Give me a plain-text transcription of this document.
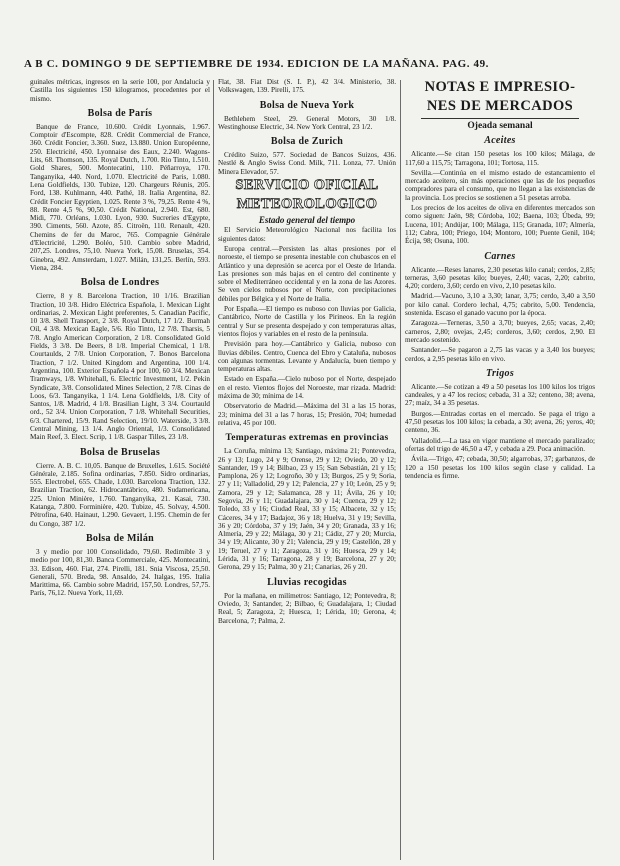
A B C. DOMINGO 9 DE SEPTIEMBRE DE 1934. EDICION DE LA MAÑANA. PAG. 49.

guinales métricas, ingresos en la serie 100, por Andalucía y Castilla los siguientes 150 kilogramos, procedentes por el mismo.

Bolsa de París

Banque de France, 10.600. Crédit Lyonnais, 1.967. Comptoir d'Escompte, 828. Crédit Commercial de France, 360. Crédit Foncier, 3.360. Suez, 13.880. Union Européenne, 250. Electricité, 450. Lyonnaise des Eaux, 2.240. Wagons-Lits, 68. Thomson, 135. Royal Dutch, 1.700. Rio Tinto, 1.510. Gold Shares, 500. Montecatini, 110. Péñarroya, 170. Tanganyika, 440. Nord, 1.070. Electricité de Paris, 1.080. Lena Goldfields, 130. Tubize, 120. Chargeurs Réunis, 205. Ford, 138. Kuhlmann, 440. Pathé, 18. Italia Argentina, 82. Crédit Foncier Egyptien, 1.025. Rente 3 %, 79,25. Rente 4 %, 88. Rente 4,5 %, 90,50. Crédit National, 2.940. Est, 680. Midi, 770. Orléans, 1.030. Lyon, 930. Sucreries d'Egypte, 390. Ciments, 560. Azote, 85. Citroën, 110. Renault, 420. Chemins de fer du Maroc, 765. Compagnie Générale d'Electricité, 1.290. Boléo, 510. Cambio sobre Madrid, 207,25. Londres, 75,10. Nueva York, 15,08. Bruselas, 354. Ginebra, 492. Amsterdam, 1.027. Milán, 131,25. Berlín, 593. Viena, 284.

Bolsa de Londres

Cierre, 8 y 8. Barcelona Traction, 10 1/16. Brazilian Traction, 10 3/8. Hidro Eléctrica Española, 1. Mexican Light ordinarias, 2. Mexican Light preferentes, 5. Canadian Pacific, 10 3/8. Shell Transport, 2 3/8. Royal Dutch, 17 1/2. Burmah Oil, 4 3/8. Mexican Eagle, 5/6. Rio Tinto, 12 7/8. Tharsis, 5 7/8. Anglo American Corporation, 2 1/8. Consolidated Gold Fields, 3 3/8. De Beers, 8 1/8. Imperial Chemical, 1 1/8. Courtaulds, 2 7/8. Union Corporation, 7. Bonos Barcelona Traction, 7 1/2. United Kingdom and Argentina, 100 1/4. Argentina, 100. Exterior Española 4 por 100, 60 3/4. Mexican Tramways, 1/8. Whitehall, 6. Electric Investment, 1/2. Pekin Syndicate, 3/8. Consolidated Mines Selection, 2 7/8. Cinas de Loos, 6/3. Tanganyika, 1 1/4. Lena Goldfields, 1/8. City of Santos, 1/8. Madrid, 4 1/8. Brasilian Light, 3 3/4. Courtauld ord., 52 3/4. Union Corporation, 7 1/8. Whitehall Securities, 6/3. Chartered, 15/9. Rand Selection, 19/10. Waterside, 3 3/8. Central Mining, 13 1/4. Anglo Oriental, 1/3. Consolidated Main Reef, 3. Elect. Scrip, 1 1/8. Gaspar Tilles, 23 1/8.

Bolsa de Bruselas

Cierre. A. B. C. 10,05. Banque de Bruxelles, 1.615. Société Générale, 2.185. Sofina ordinarias, 7.850. Sidro ordinarias, 555. Electrobel, 655. Chade, 1.030. Barcelona Traction, 132. Brazilian Traction, 62. Hidrocantábrico, 480. Sudamericana, 225. Union Minière, 1.760. Tanganyika, 21. Kasai, 730. Katanga, 7.800. Forminière, 420. Tubize, 45. Solvay, 4.500. Pétrofina, 640. Hainaut, 1.290. Gevaert, 1.195. Chemin de fer du Congo, 387 1/2.

Bolsa de Milán

3 y medio por 100 Consolidado, 79,60. Redimible 3 y medio por 100, 81,30. Banca Commerciale, 425. Montecatini, 33. Edison, 460. Fiat, 274. Pirelli, 181. Snia Viscosa, 25,50. Generali, 570. Breda, 98. Ansaldo, 24. Italgas, 195. Italia Marittima, 66. Cambio sobre Madrid, 157,50. Londres, 57,75. París, 76,12. Nueva York, 11,69.

Flat, 38. Fiat Dist (S. I. P.), 42 3/4. Ministerio, 38. Volkswagen, 139. Pirelli, 175.

Bolsa de Nueva York

Bethlehem Steel, 29. General Motors, 30 1/8. Westinghouse Electric, 34. New York Central, 23 1/2.

Bolsa de Zurich

Crédito Suizo, 577. Sociedad de Bancos Suizos, 436. Nestlé & Anglo Swiss Cond. Milk, 711. Lonza, 77. Unión Minera Elevador, 57.

SERVICIO OFICIAL
METEOROLOGICO
Estado general del tiempo

El Servicio Meteorológico Nacional nos facilita los siguientes datos:

Europa central.—Persisten las altas presiones por el noroeste, el tiempo se presenta inestable con chubascos en el Atlántico y una depresión se acerca por el Oeste de Irlanda. Las presiones son más bajas en el centro del continente y sobre el Mediterráneo occidental y en la zona de las Azores. Se ven cielos nubosos por el Norte, con precipitaciones débiles por Bélgica y el Norte de Italia.

Por España.—El tiempo es nuboso con lluvias por Galicia, Cantábrico, Norte de Castilla y los Pirineos. En la región central y Sur se presenta despejado y con temperaturas altas, vientos flojos y variables en el resto de la península.

Previsión para hoy.—Cantábrico y Galicia, nuboso con lluvias débiles. Centro, Cuenca del Ebro y Cataluña, nubosos con algunas tormentas. Levante y Andalucía, buen tiempo y temperaturas altas.

Estado en España.—Cielo nuboso por el Norte, despejado en el resto. Vientos flojos del Noroeste, mar rizada. Madrid: máxima de 30; mínima de 14.

Observatorio de Madrid.—Máxima del 31 a las 15 horas, 23; mínima del 31 a las 7 horas, 15; Presión, 704; humedad relativa, 45 por 100.

Temperaturas extremas en provincias

La Coruña, mínima 13; Santiago, máxima 21; Pontevedra, 26 y 13; Lugo, 24 y 9; Orense, 29 y 12; Oviedo, 20 y 12; Santander, 19 y 14; Bilbao, 23 y 15; San Sebastián, 21 y 15; Pamplona, 26 y 12; Logroño, 30 y 13; Burgos, 25 y 9; Soria, 27 y 11; Valladolid, 29 y 12; Palencia, 27 y 10; León, 25 y 9; Zamora, 29 y 12; Salamanca, 28 y 11; Ávila, 26 y 10; Segovia, 26 y 11; Guadalajara, 30 y 14; Cuenca, 29 y 12; Toledo, 33 y 16; Ciudad Real, 33 y 15; Albacete, 32 y 15; Cáceres, 34 y 17; Badajoz, 36 y 18; Huelva, 31 y 19; Sevilla, 36 y 20; Córdoba, 37 y 19; Jaén, 34 y 20; Granada, 33 y 16; Almería, 29 y 22; Málaga, 30 y 21; Cádiz, 27 y 20; Murcia, 34 y 19; Alicante, 30 y 21; Valencia, 29 y 19; Castellón, 28 y 19; Teruel, 27 y 11; Zaragoza, 31 y 16; Huesca, 29 y 14; Lérida, 31 y 16; Tarragona, 28 y 19; Barcelona, 27 y 20; Gerona, 29 y 15; Palma, 30 y 21; Canarias, 26 y 20.

Lluvias recogidas

Por la mañana, en milímetros: Santiago, 12; Pontevedra, 8; Oviedo, 3; Santander, 2; Bilbao, 6; Guadalajara, 1; Ciudad Real, 5; Zaragoza, 2; Huesca, 1; Lérida, 10; Gerona, 4; Barcelona, 7; Palma, 2.

NOTAS E IMPRESIO-
NES DE MERCADOS
Ojeada semanal
Aceites

Alicante.—Se citan 150 pesetas los 100 kilos; Málaga, de 117,60 a 115,75; Tarragona, 101; Tortosa, 115.

Sevilla.—Continúa en el mismo estado de estancamiento el mercado aceitero, sin más operaciones que las de los pequeños compradores para el consumo, que no llegan a las existencias de la provincia. Los precios se sostienen a 51 pesetas arroba.

Los precios de los aceites de oliva en diferentes mercados son como siguen: Jaén, 98; Córdoba, 102; Baena, 103; Úbeda, 99; Lucena, 101; Andújar, 100; Málaga, 115; Granada, 107; Almería, 112; Cabra, 100; Priego, 104; Montoro, 100; Puente Genil, 104; Écija, 98; Osuna, 100.

Carnes

Alicante.—Reses lanares, 2,30 pesetas kilo canal; cerdos, 2,85; terneras, 3,60 pesetas kilo; bueyes, 2,40; vacas, 2,20; cabrito, 4,20; cordero, 3,60; cerdo en vivo, 2,10 pesetas kilo.

Madrid.—Vacuno, 3,10 a 3,30; lanar, 3,75; cerdo, 3,40 a 3,50 por kilo canal. Cordero lechal, 4,75; cabrito, 5,00. Tendencia, sostenida. Escaso el ganado vacuno por la época.

Zaragoza.—Terneras, 3,50 a 3,70; bueyes, 2,65; vacas, 2,40; carneros, 2,80; ovejas, 2,45; corderos, 3,60; cerdos, 2,90. El mercado sostenido.

Santander.—Se pagaron a 2,75 las vacas y a 3,40 los bueyes; cerdos, a 2,95 pesetas kilo en vivo.

Trigos

Alicante.—Se cotizan a 49 a 50 pesetas los 100 kilos los trigos candeales, y a 47 los recios; cebada, 31 a 32; centeno, 38; avena, 27; maíz, 34 a 35 pesetas.

Burgos.—Entradas cortas en el mercado. Se paga el trigo a 47,50 pesetas los 100 kilos; la cebada, a 30; avena, 26; yeros, 40; centeno, 36.

Valladolid.—La tasa en vigor mantiene el mercado paralizado; ofertas del trigo de 46,50 a 47, y cebada a 29. Poca animación.

Ávila.—Trigo, 47; cebada, 30,50; algarrobas, 37; garbanzos, de 120 a 150 pesetas los 100 kilos según clase y calidad. La tendencia es firme.
